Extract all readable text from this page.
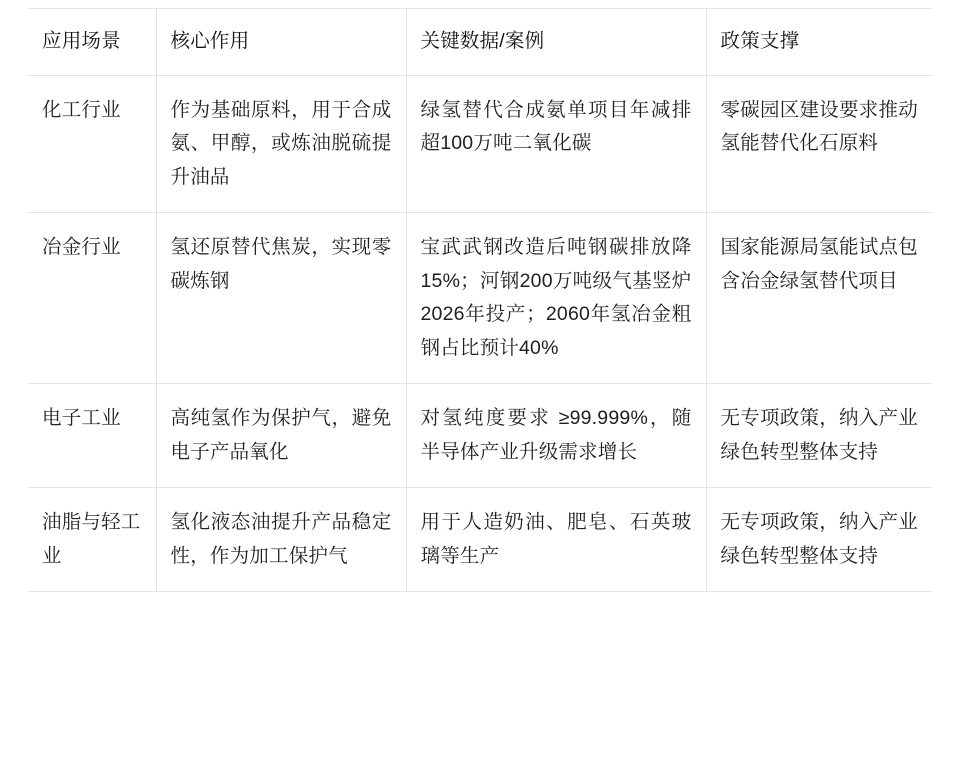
应用场景	核心作用	关键数据/案例	政策支撑
化工行业	作为基础原料，用于合成氨、甲醇，或炼油脱硫提升油品	绿氢替代合成氨单项目年减排超100万吨二氧化碳	零碳园区建设要求推动氢能替代化石原料
冶金行业	氢还原替代焦炭，实现零碳炼钢	宝武武钢改造后吨钢碳排放降15%；河钢200万吨级气基竖炉2026年投产；2060年氢冶金粗钢占比预计40%	国家能源局氢能试点包含冶金绿氢替代项目
电子工业	高纯氢作为保护气，避免电子产品氧化	对氢纯度要求 ≥99.999%，随半导体产业升级需求增长	无专项政策，纳入产业绿色转型整体支持
油脂与轻工业	氢化液态油提升产品稳定性，作为加工保护气	用于人造奶油、肥皂、石英玻璃等生产	无专项政策，纳入产业绿色转型整体支持
